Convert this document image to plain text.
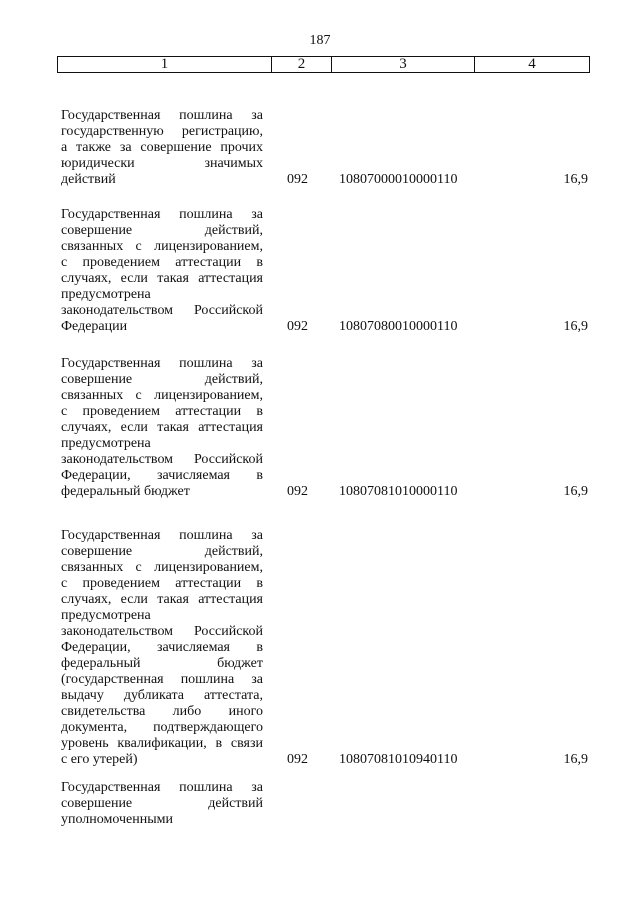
187
1	2	3	4
Государственная пошлина за
государственную регистрацию,
а также за совершение прочих
юридически значимых
действий	092 10807000010000110	16,9
Государственная пошлина за
совершение действий,
связанных с лицензированием,
с проведением аттестации в
случаях, если такая аттестация
предусмотрена
законодательством Российской
Федерации	092 10807080010000110	16,9
Государственная пошлина за
совершение действий,
связанных с лицензированием,
с проведением аттестации в
случаях, если такая аттестация
предусмотрена
законодательством Российской
Федерации, зачисляемая в
федеральный бюджет	092 10807081010000110	16,9
Государственная пошлина за
совершение действий,
связанных с лицензированием,
с проведением аттестации в
случаях, если такая аттестация
предусмотрена
законодательством Российской
Федерации, зачисляемая в
федеральный бюджет
(государственная пошлина за
выдачу дубликата аттестата,
свидетельства либо иного
документа, подтверждающего
уровень квалификации, в связи
с его утерей)	092 10807081010940110	16,9
Государственная пошлина за
совершение действий
уполномоченными
